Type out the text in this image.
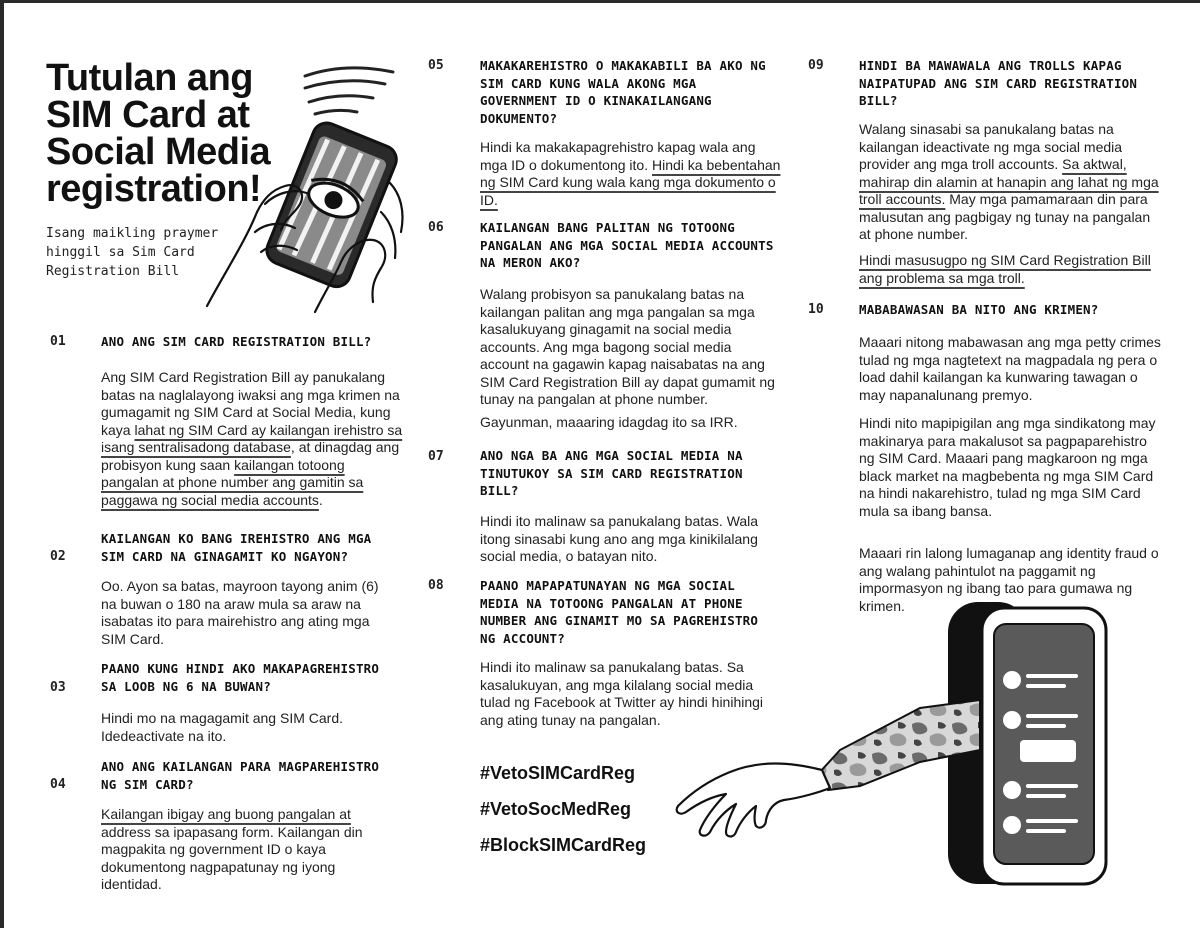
Tutulan ang SIM Card at Social Media registration!

Isang maikling praymer hinggil sa Sim Card Registration Bill

01	ANO ANG SIM CARD REGISTRATION BILL?

Ang SIM Card Registration Bill ay panukalang batas na naglalayong iwaksi ang mga krimen na gumagamit ng SIM Card at Social Media, kung kaya lahat ng SIM Card ay kailangan irehistro sa isang sentralisadong database, at dinagdag ang probisyon kung saan kailangan totoong pangalan at phone number ang gamitin sa paggawa ng social media accounts.

02
KAILANGAN KO BANG IREHISTRO ANG MGA SIM CARD NA GINAGAMIT KO NGAYON?

Oo. Ayon sa batas, mayroon tayong anim (6) na buwan o 180 na araw mula sa araw na isabatas ito para mairehistro ang ating mga SIM Card.

03
PAANO KUNG HINDI AKO MAKAPAGREHISTRO SA LOOB NG 6 NA BUWAN?

Hindi mo na magagamit ang SIM Card. Idedeactivate na ito.

04
ANO ANG KAILANGAN PARA MAGPAREHISTRO NG SIM CARD?

Kailangan ibigay ang buong pangalan at address sa ipapasang form. Kailangan din magpakita ng government ID o kaya dokumentong nagpapatunay ng iyong identidad.

05	MAKAKAREHISTRO O MAKAKABILI BA AKO NG SIM CARD KUNG WALA AKONG MGA GOVERNMENT ID O KINAKAILANGANG DOKUMENTO?

Hindi ka makakapagrehistro kapag wala ang mga ID o dokumentong ito. Hindi ka bebentahan ng SIM Card kung wala kang mga dokumento o ID.

06	KAILANGAN BANG PALITAN NG TOTOONG PANGALAN ANG MGA SOCIAL MEDIA ACCOUNTS NA MERON AKO?

Walang probisyon sa panukalang batas na kailangan palitan ang mga pangalan sa mga kasalukuyang ginagamit na social media accounts. Ang mga bagong social media account na gagawin kapag naisabatas na ang SIM Card Registration Bill ay dapat gumamit ng tunay na pangalan at phone number.

Gayunman, maaaring idagdag ito sa IRR.

07	ANO NGA BA ANG MGA SOCIAL MEDIA NA TINUTUKOY SA SIM CARD REGISTRATION BILL?

Hindi ito malinaw sa panukalang batas. Wala itong sinasabi kung ano ang mga kinikilalang social media, o batayan nito.

08	PAANO MAPAPATUNAYAN NG MGA SOCIAL MEDIA NA TOTOONG PANGALAN AT PHONE NUMBER ANG GINAMIT MO SA PAGREHISTRO NG ACCOUNT?

Hindi ito malinaw sa panukalang batas. Sa kasalukuyan, ang mga kilalang social media tulad ng Facebook at Twitter ay hindi hinihingi ang ating tunay na pangalan.

#VetoSIMCardReg
#VetoSocMedReg
#BlockSIMCardReg
09	HINDI BA MAWAWALA ANG TROLLS KAPAG NAIPATUPAD ANG SIM CARD REGISTRATION BILL?

Walang sinasabi sa panukalang batas na kailangan ideactivate ng mga social media provider ang mga troll accounts. Sa aktwal, mahirap din alamin at hanapin ang lahat ng mga troll accounts. May mga pamamaraan din para malusutan ang pagbigay ng tunay na pangalan at phone number.

Hindi masusugpo ng SIM Card Registration Bill ang problema sa mga troll.

10	MABABAWASAN BA NITO ANG KRIMEN?

Maaari nitong mabawasan ang mga petty crimes tulad ng mga nagtetext na magpadala ng pera o load dahil kailangan ka kunwaring tawagan o may napanalunang premyo.

Hindi nito mapipigilan ang mga sindikatong may makinarya para makalusot sa pagpaparehistro ng SIM Card. Maaari pang magkaroon ng mga black market na magbebenta ng mga SIM Card na hindi nakarehistro, tulad ng mga SIM Card mula sa ibang bansa.

Maaari rin lalong lumaganap ang identity fraud o ang walang pahintulot na paggamit ng impormasyon ng ibang tao para gumawa ng krimen.
